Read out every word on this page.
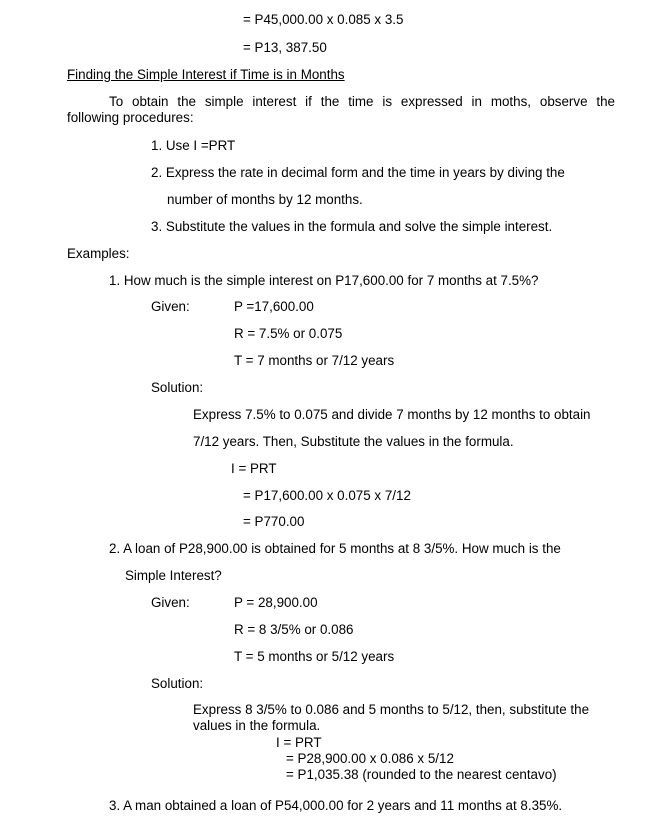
= P45,000.00 x 0.085 x 3.5
= P13, 387.50
Finding the Simple Interest if Time is in Months
To obtain the simple interest if the time is expressed in moths, observe the
following procedures:
1. Use I =PRT
2. Express the rate in decimal form and the time in years by diving the
number of months by 12 months.
3. Substitute the values in the formula and solve the simple interest.
Examples:
1. How much is the simple interest on P17,600.00 for 7 months at 7.5%?
Given:	P =17,600.00
R = 7.5% or 0.075
T = 7 months or 7/12 years
Solution:
Express 7.5% to 0.075 and divide 7 months by 12 months to obtain
7/12 years. Then, Substitute the values in the formula.
I = PRT
= P17,600.00 x 0.075 x 7/12
= P770.00
2. A loan of P28,900.00 is obtained for 5 months at 8 3/5%. How much is the
Simple Interest?
Given:	P = 28,900.00
R = 8 3/5% or 0.086
T = 5 months or 5/12 years
Solution:
Express 8 3/5% to 0.086 and 5 months to 5/12, then, substitute the
values in the formula.
I = PRT
= P28,900.00 x 0.086 x 5/12
= P1,035.38 (rounded to the nearest centavo)
3. A man obtained a loan of P54,000.00 for 2 years and 11 months at 8.35%.
